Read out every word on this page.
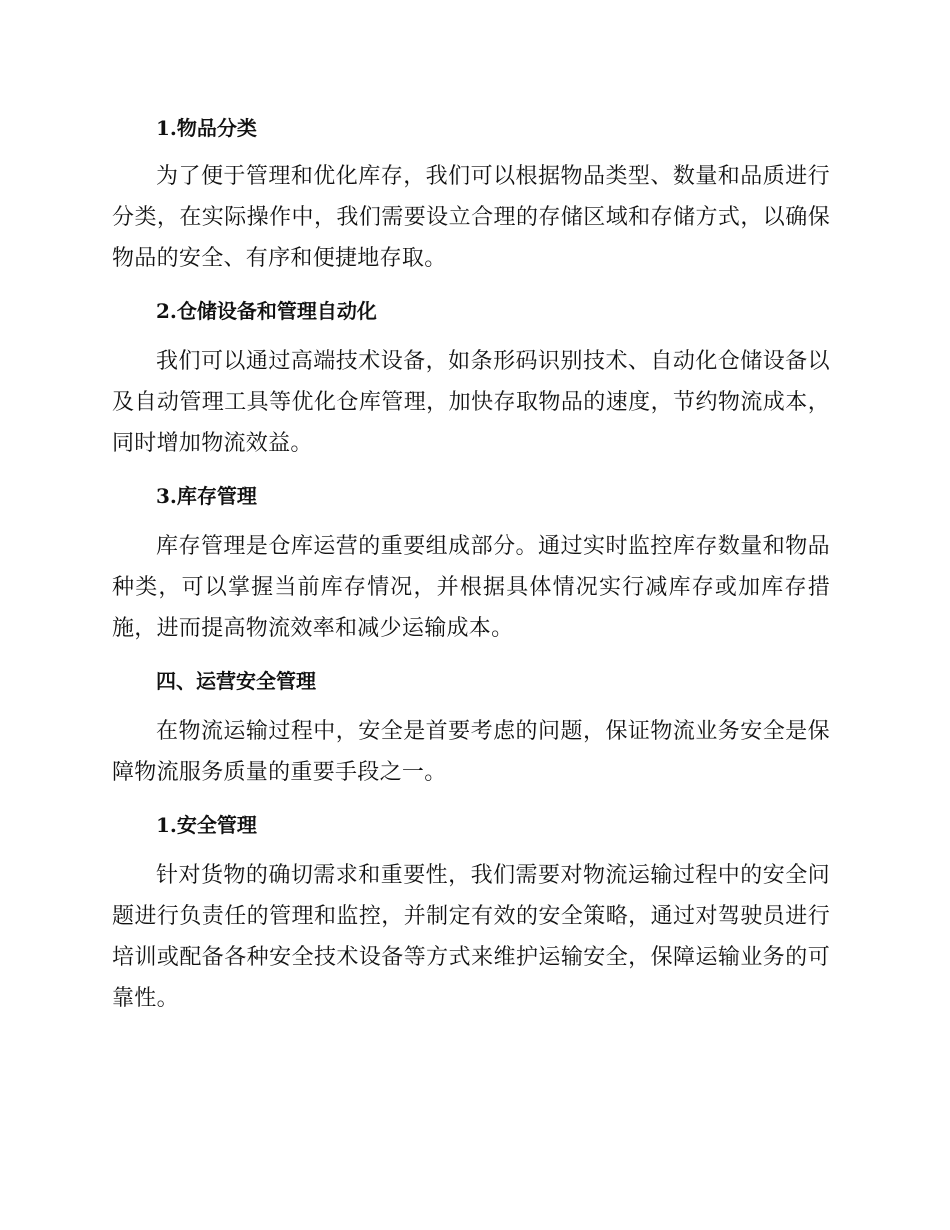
1.物品分类

为了便于管理和优化库存，我们可以根据物品类型、数量和品质进行分类，在实际操作中，我们需要设立合理的存储区域和存储方式，以确保物品的安全、有序和便捷地存取。

2.仓储设备和管理自动化

我们可以通过高端技术设备，如条形码识别技术、自动化仓储设备以及自动管理工具等优化仓库管理，加快存取物品的速度，节约物流成本，同时增加物流效益。

3.库存管理

库存管理是仓库运营的重要组成部分。通过实时监控库存数量和物品种类，可以掌握当前库存情况，并根据具体情况实行减库存或加库存措施，进而提高物流效率和减少运输成本。

四、运营安全管理

在物流运输过程中，安全是首要考虑的问题，保证物流业务安全是保障物流服务质量的重要手段之一。

1.安全管理

针对货物的确切需求和重要性，我们需要对物流运输过程中的安全问题进行负责任的管理和监控，并制定有效的安全策略，通过对驾驶员进行培训或配备各种安全技术设备等方式来维护运输安全，保障运输业务的可靠性。
